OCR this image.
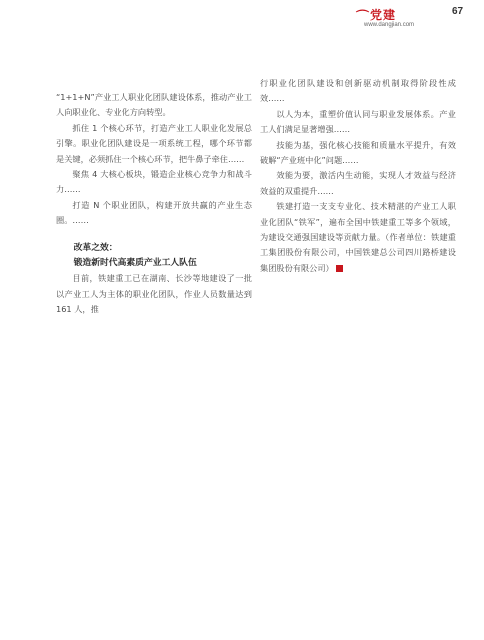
⌒ 党建
www.dangjian.com
67

“1+1+N”产业工人职业化团队建设体系，推动产业工人向职业化、专业化方向转型。

抓住 1 个核心环节，打造产业工人职业化发展总引擎。职业化团队建设是一项系统工程，哪个环节都是关键，必须抓住一个核心环节，把牛鼻子牵住……

聚焦 4 大核心板块，锻造企业核心竞争力和战斗力……

打造 N 个职业团队，构建开放共赢的产业生态圈。……

改革之效：

锻造新时代高素质产业工人队伍

目前，铁建重工已在湖南、长沙等地建设了一批以产业工人为主体的职业化团队，作业人员数量达到 161 人，推

行职业化团队建设和创新驱动机制取得阶段性成效……

以人为本，重塑价值认同与职业发展体系。产业工人们满足显著增强……

技能为基，强化核心技能和质量水平提升，有效破解“产业班中化”问题……

效能为要，激活内生动能，实现人才效益与经济效益的双重提升……

铁建打造一支支专业化、技术精湛的产业工人职业化团队“铁军”，遍布全国中铁建重工等多个领域，为建设交通强国建设等贡献力量。（作者单位：铁建重工集团股份有限公司，中国铁建总公司四川路桥建设集团股份有限公司）
